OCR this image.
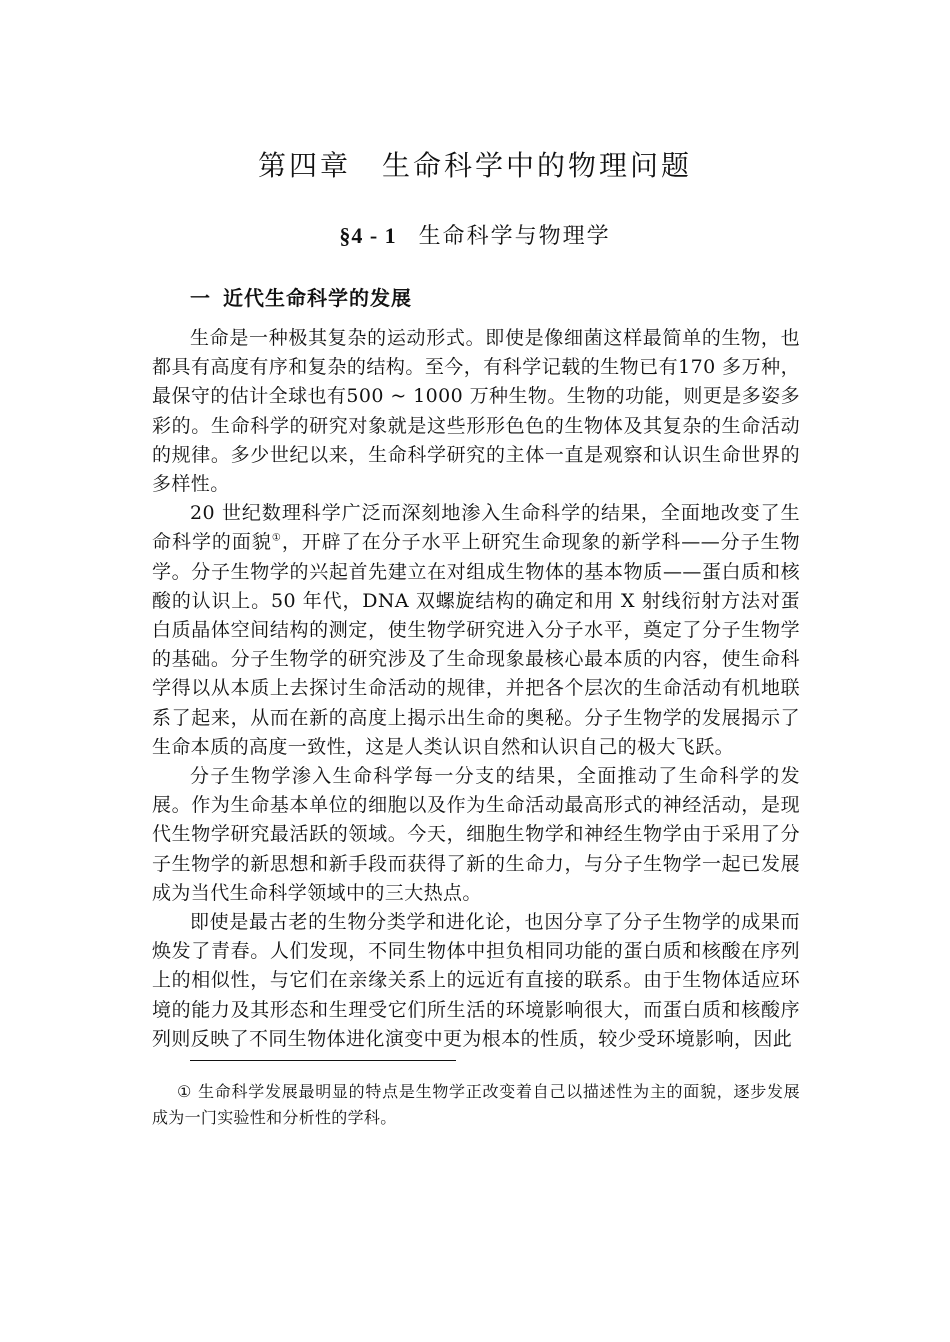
第四章　生命科学中的物理问题
§4 - 1 生命科学与物理学
一 近代生命科学的发展

生命是一种极其复杂的运动形式。即使是像细菌这样最简单的生物，也都具有高度有序和复杂的结构。至今，有科学记载的生物已有170 多万种，最保守的估计全球也有500 ~ 1000 万种生物。生物的功能，则更是多姿多彩的。生命科学的研究对象就是这些形形色色的生物体及其复杂的生命活动的规律。多少世纪以来，生命科学研究的主体一直是观察和认识生命世界的多样性。

20 世纪数理科学广泛而深刻地渗入生命科学的结果，全面地改变了生命科学的面貌①，开辟了在分子水平上研究生命现象的新学科——分子生物学。分子生物学的兴起首先建立在对组成生物体的基本物质——蛋白质和核酸的认识上。50 年代，DNA 双螺旋结构的确定和用 X 射线衍射方法对蛋白质晶体空间结构的测定，使生物学研究进入分子水平，奠定了分子生物学的基础。分子生物学的研究涉及了生命现象最核心最本质的内容，使生命科学得以从本质上去探讨生命活动的规律，并把各个层次的生命活动有机地联系了起来，从而在新的高度上揭示出生命的奥秘。分子生物学的发展揭示了生命本质的高度一致性，这是人类认识自然和认识自己的极大飞跃。

分子生物学渗入生命科学每一分支的结果，全面推动了生命科学的发展。作为生命基本单位的细胞以及作为生命活动最高形式的神经活动，是现代生物学研究最活跃的领域。今天，细胞生物学和神经生物学由于采用了分子生物学的新思想和新手段而获得了新的生命力，与分子生物学一起已发展成为当代生命科学领域中的三大热点。

即使是最古老的生物分类学和进化论，也因分享了分子生物学的成果而焕发了青春。人们发现，不同生物体中担负相同功能的蛋白质和核酸在序列上的相似性，与它们在亲缘关系上的远近有直接的联系。由于生物体适应环境的能力及其形态和生理受它们所生活的环境影响很大，而蛋白质和核酸序列则反映了不同生物体进化演变中更为根本的性质，较少受环境影响，因此

① 生命科学发展最明显的特点是生物学正改变着自己以描述性为主的面貌，逐步发展成为一门实验性和分析性的学科。
